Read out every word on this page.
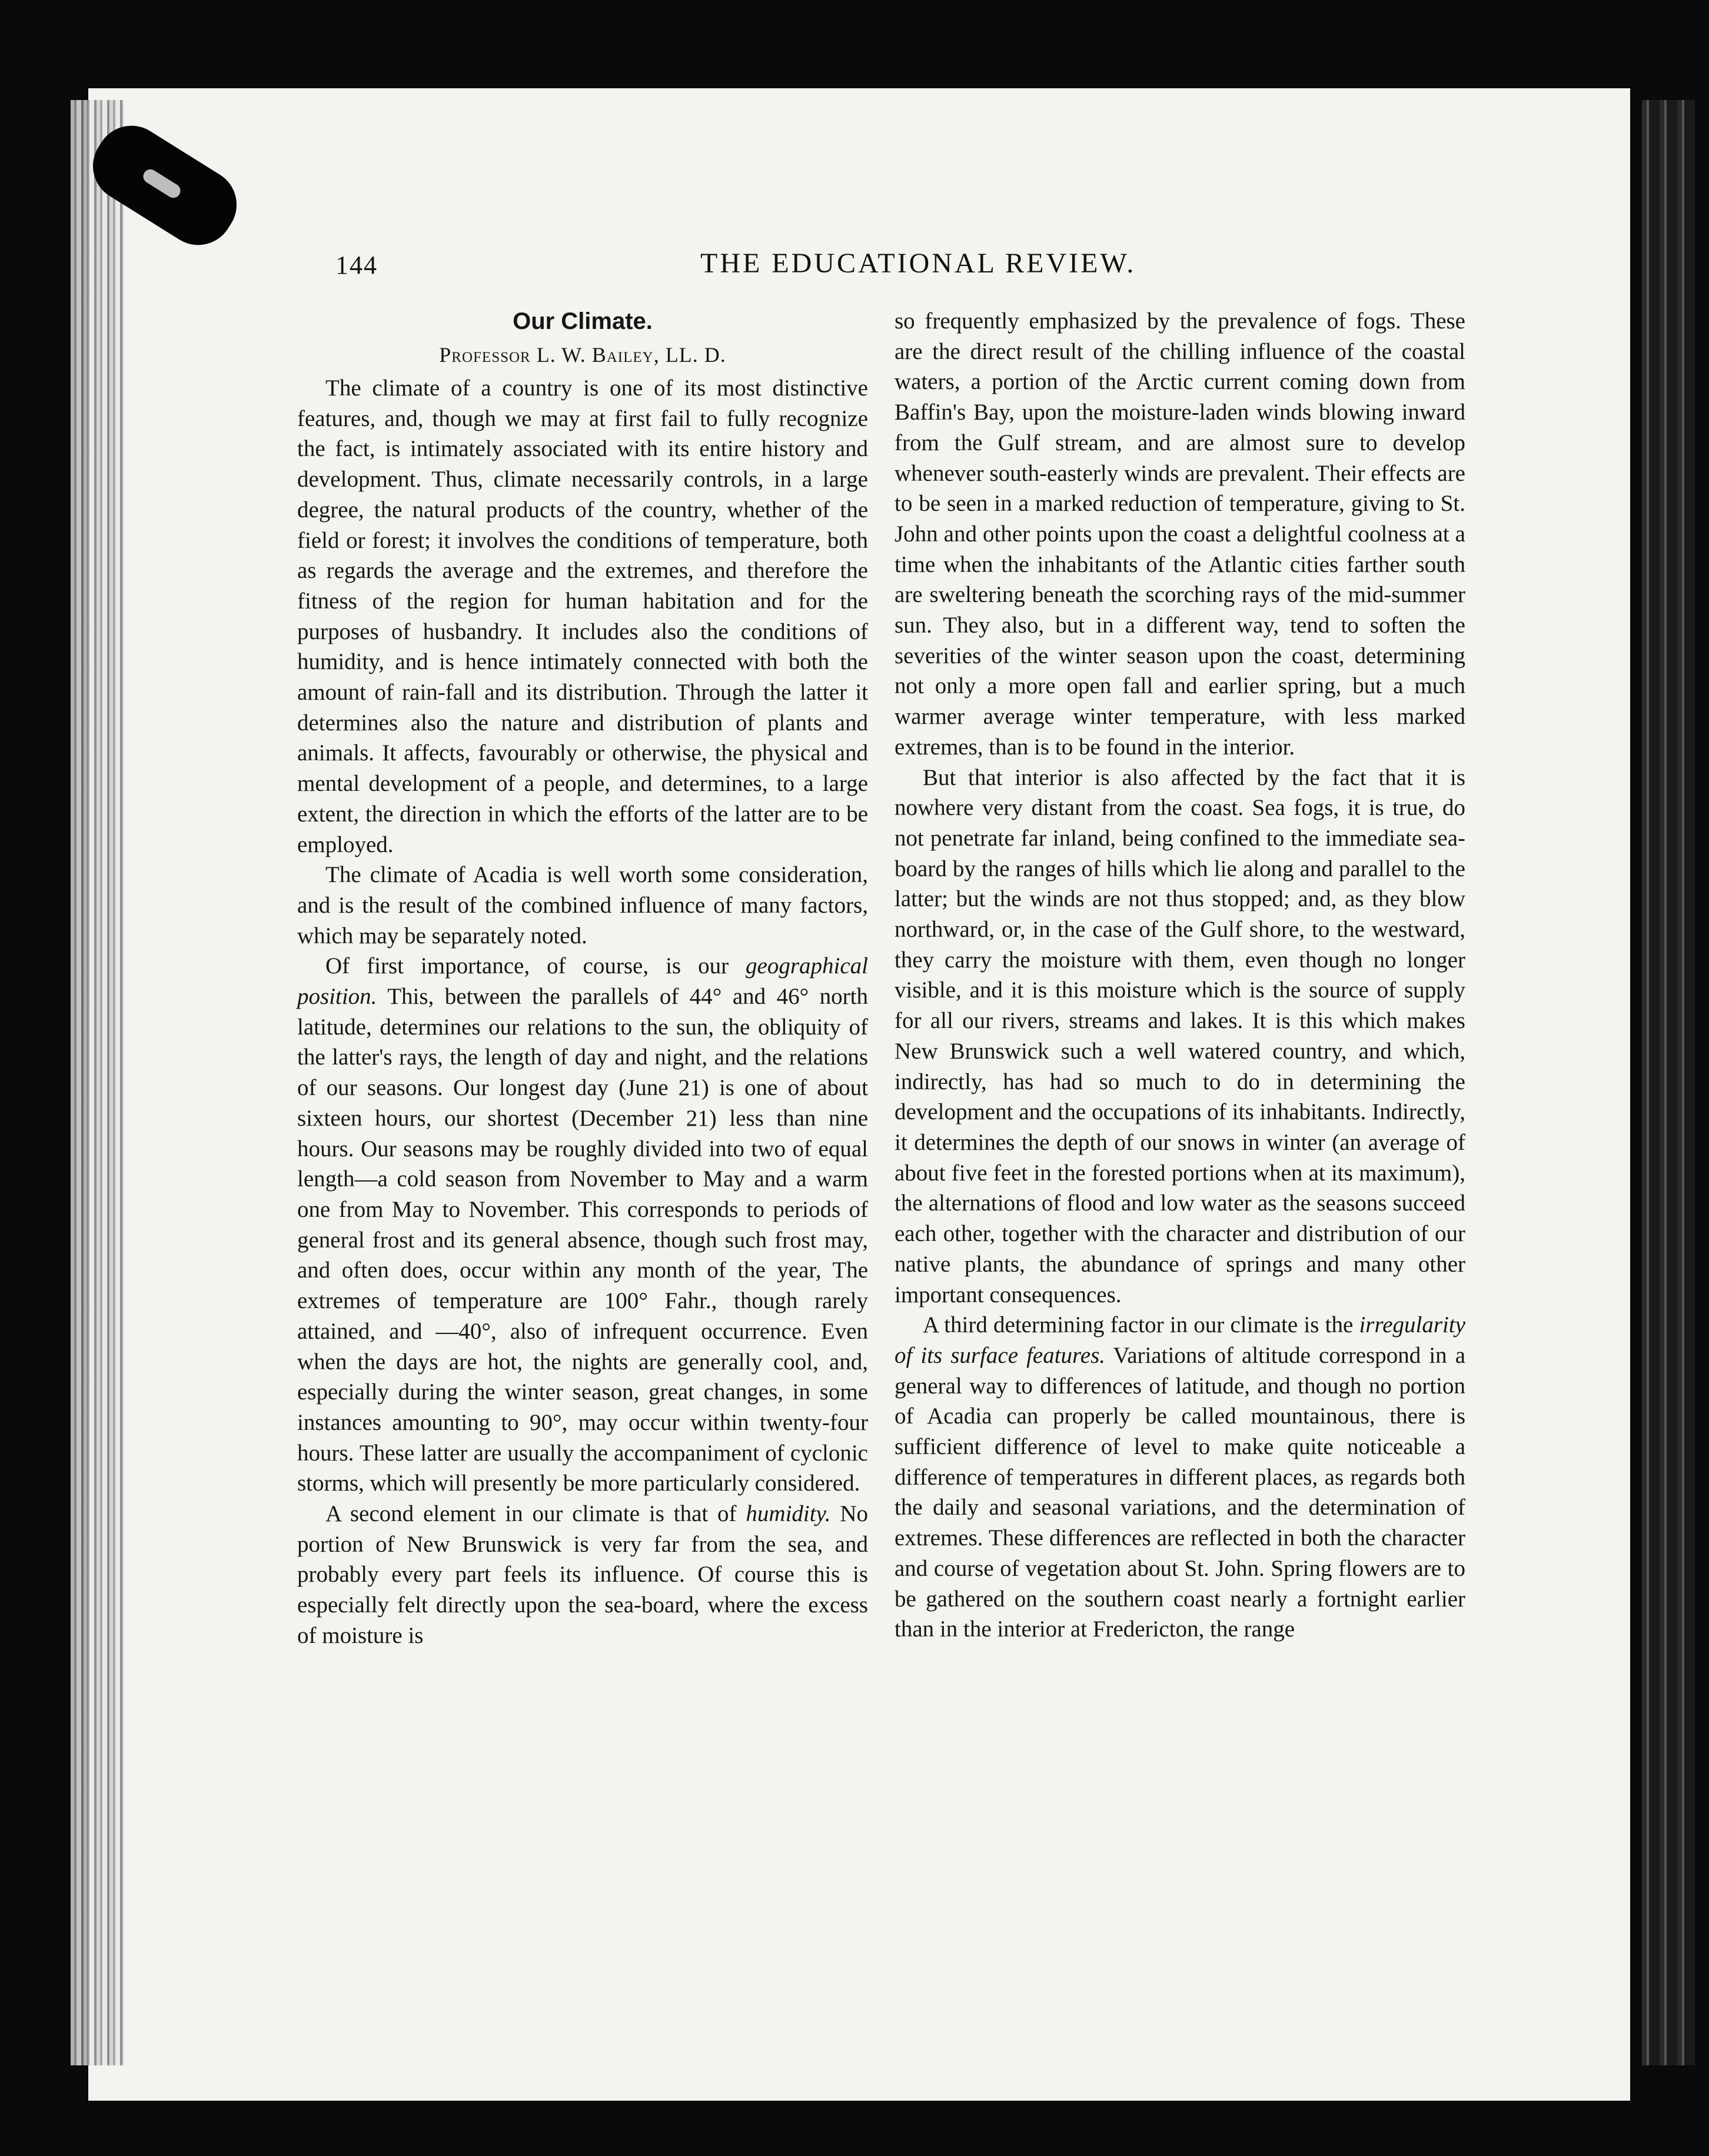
144	THE EDUCATIONAL REVIEW.
Our Climate.
Professor L. W. Bailey, LL. D.

The climate of a country is one of its most distinctive features, and, though we may at first fail to fully recognize the fact, is intimately associated with its entire history and development. Thus, climate necessarily controls, in a large degree, the natural products of the country, whether of the field or forest; it involves the conditions of temperature, both as regards the average and the extremes, and therefore the fitness of the region for human habitation and for the purposes of husbandry. It includes also the conditions of humidity, and is hence intimately connected with both the amount of rain-fall and its distribution. Through the latter it determines also the nature and distribution of plants and animals. It affects, favourably or otherwise, the physical and mental development of a people, and determines, to a large extent, the direction in which the efforts of the latter are to be employed.

The climate of Acadia is well worth some consideration, and is the result of the combined influence of many factors, which may be separately noted.

Of first importance, of course, is our geographical position. This, between the parallels of 44° and 46° north latitude, determines our relations to the sun, the obliquity of the latter's rays, the length of day and night, and the relations of our seasons. Our longest day (June 21) is one of about sixteen hours, our shortest (December 21) less than nine hours. Our seasons may be roughly divided into two of equal length—a cold season from November to May and a warm one from May to November. This corresponds to periods of general frost and its general absence, though such frost may, and often does, occur within any month of the year, The extremes of temperature are 100° Fahr., though rarely attained, and —40°, also of infrequent occurrence. Even when the days are hot, the nights are generally cool, and, especially during the winter season, great changes, in some instances amounting to 90°, may occur within twenty-four hours. These latter are usually the accompaniment of cyclonic storms, which will presently be more particularly considered.

A second element in our climate is that of humidity. No portion of New Brunswick is very far from the sea, and probably every part feels its influence. Of course this is especially felt directly upon the sea-board, where the excess of moisture is

so frequently emphasized by the prevalence of fogs. These are the direct result of the chilling influence of the coastal waters, a portion of the Arctic current coming down from Baffin's Bay, upon the moisture-laden winds blowing inward from the Gulf stream, and are almost sure to develop whenever south-easterly winds are prevalent. Their effects are to be seen in a marked reduction of temperature, giving to St. John and other points upon the coast a delightful coolness at a time when the inhabitants of the Atlantic cities farther south are sweltering beneath the scorching rays of the mid-summer sun. They also, but in a different way, tend to soften the severities of the winter season upon the coast, determining not only a more open fall and earlier spring, but a much warmer average winter temperature, with less marked extremes, than is to be found in the interior.

But that interior is also affected by the fact that it is nowhere very distant from the coast. Sea fogs, it is true, do not penetrate far inland, being confined to the immediate sea-board by the ranges of hills which lie along and parallel to the latter; but the winds are not thus stopped; and, as they blow northward, or, in the case of the Gulf shore, to the westward, they carry the moisture with them, even though no longer visible, and it is this moisture which is the source of supply for all our rivers, streams and lakes. It is this which makes New Brunswick such a well watered country, and which, indirectly, has had so much to do in determining the development and the occupations of its inhabitants. Indirectly, it determines the depth of our snows in winter (an average of about five feet in the forested portions when at its maximum), the alternations of flood and low water as the seasons succeed each other, together with the character and distribution of our native plants, the abundance of springs and many other important consequences.

A third determining factor in our climate is the irregularity of its surface features. Variations of altitude correspond in a general way to differences of latitude, and though no portion of Acadia can properly be called mountainous, there is sufficient difference of level to make quite noticeable a difference of temperatures in different places, as regards both the daily and seasonal variations, and the determination of extremes. These differences are reflected in both the character and course of vegetation about St. John. Spring flowers are to be gathered on the southern coast nearly a fortnight earlier than in the interior at Fredericton, the range
